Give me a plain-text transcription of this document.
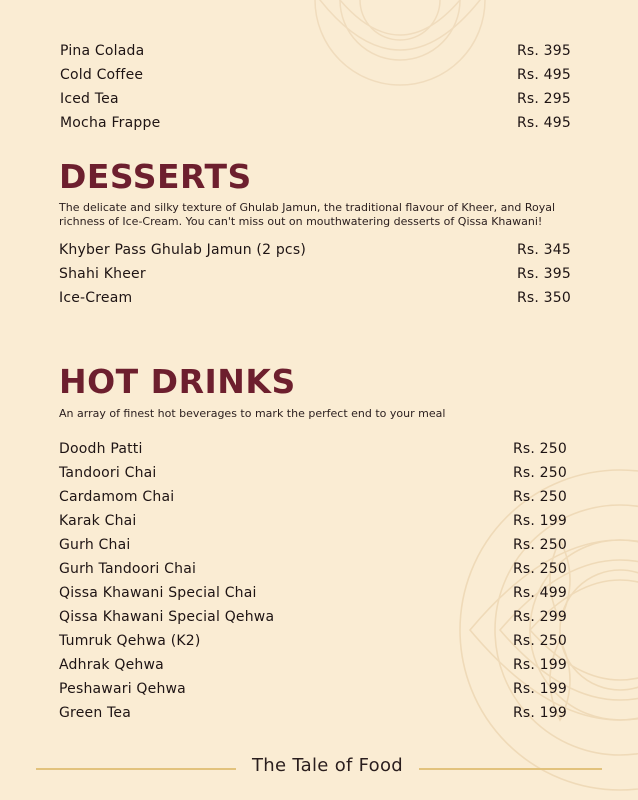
Pina Colada	Rs. 395
Cold Coffee	Rs. 495
Iced Tea	Rs. 295
Mocha Frappe	Rs. 495
DESSERTS

The delicate and silky texture of Ghulab Jamun, the traditional flavour of Kheer, and Royal richness of Ice-Cream. You can't miss out on mouthwatering desserts of Qissa Khawani!

Khyber Pass Ghulab Jamun (2 pcs)	Rs. 345
Shahi Kheer	Rs. 395
Ice-Cream	Rs. 350
HOT DRINKS

An array of finest hot beverages to mark the perfect end to your meal

Doodh Patti	Rs. 250
Tandoori Chai	Rs. 250
Cardamom Chai	Rs. 250
Karak Chai	Rs. 199
Gurh Chai	Rs. 250
Gurh Tandoori Chai	Rs. 250
Qissa Khawani Special Chai	Rs. 499
Qissa Khawani Special Qehwa	Rs. 299
Tumruk Qehwa (K2)	Rs. 250
Adhrak Qehwa	Rs. 199
Peshawari Qehwa	Rs. 199
Green Tea	Rs. 199
The Tale of Food
